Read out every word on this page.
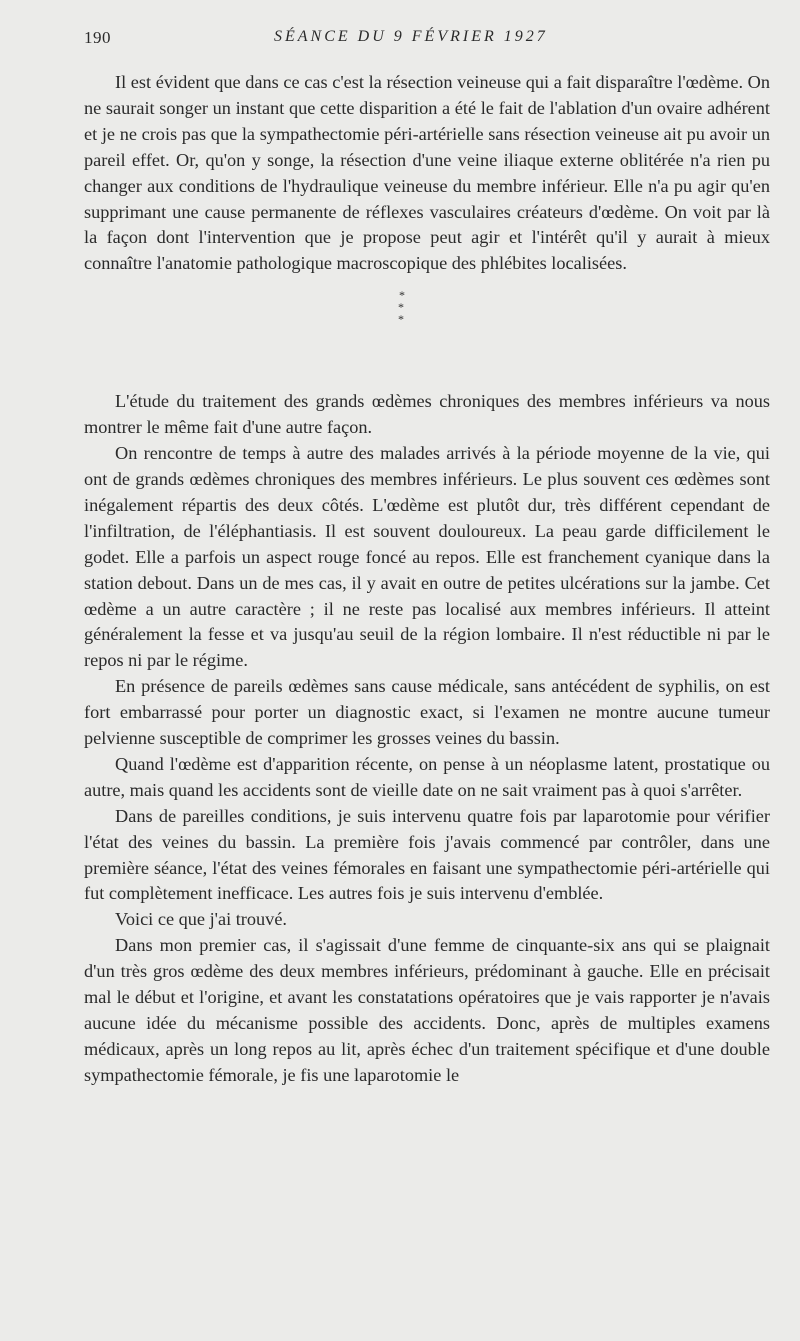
190	SÉANCE DU 9 FÉVRIER 1927

Il est évident que dans ce cas c'est la résection veineuse qui a fait disparaître l'œdème. On ne saurait songer un instant que cette disparition a été le fait de l'ablation d'un ovaire adhérent et je ne crois pas que la sympathectomie péri-artérielle sans résection veineuse ait pu avoir un pareil effet. Or, qu'on y songe, la résection d'une veine iliaque externe oblitérée n'a rien pu changer aux conditions de l'hydraulique veineuse du membre inférieur. Elle n'a pu agir qu'en supprimant une cause permanente de réflexes vasculaires créateurs d'œdème. On voit par là la façon dont l'intervention que je propose peut agir et l'intérêt qu'il y aurait à mieux connaître l'anatomie pathologique macroscopique des phlébites localisées.

*
* *

L'étude du traitement des grands œdèmes chroniques des membres inférieurs va nous montrer le même fait d'une autre façon.

On rencontre de temps à autre des malades arrivés à la période moyenne de la vie, qui ont de grands œdèmes chroniques des membres inférieurs. Le plus souvent ces œdèmes sont inégalement répartis des deux côtés. L'œdème est plutôt dur, très différent cependant de l'infiltration, de l'éléphantiasis. Il est souvent douloureux. La peau garde difficilement le godet. Elle a parfois un aspect rouge foncé au repos. Elle est franchement cyanique dans la station debout. Dans un de mes cas, il y avait en outre de petites ulcérations sur la jambe. Cet œdème a un autre caractère ; il ne reste pas localisé aux membres inférieurs. Il atteint généralement la fesse et va jusqu'au seuil de la région lombaire. Il n'est réductible ni par le repos ni par le régime.

En présence de pareils œdèmes sans cause médicale, sans antécédent de syphilis, on est fort embarrassé pour porter un diagnostic exact, si l'examen ne montre aucune tumeur pelvienne susceptible de comprimer les grosses veines du bassin.

Quand l'œdème est d'apparition récente, on pense à un néoplasme latent, prostatique ou autre, mais quand les accidents sont de vieille date on ne sait vraiment pas à quoi s'arrêter.

Dans de pareilles conditions, je suis intervenu quatre fois par laparotomie pour vérifier l'état des veines du bassin. La première fois j'avais commencé par contrôler, dans une première séance, l'état des veines fémorales en faisant une sympathectomie péri-artérielle qui fut complètement inefficace. Les autres fois je suis intervenu d'emblée.

Voici ce que j'ai trouvé.

Dans mon premier cas, il s'agissait d'une femme de cinquante-six ans qui se plaignait d'un très gros œdème des deux membres inférieurs, prédominant à gauche. Elle en précisait mal le début et l'origine, et avant les constatations opératoires que je vais rapporter je n'avais aucune idée du mécanisme possible des accidents. Donc, après de multiples examens médicaux, après un long repos au lit, après échec d'un traitement spécifique et d'une double sympathectomie fémorale, je fis une laparotomie le
